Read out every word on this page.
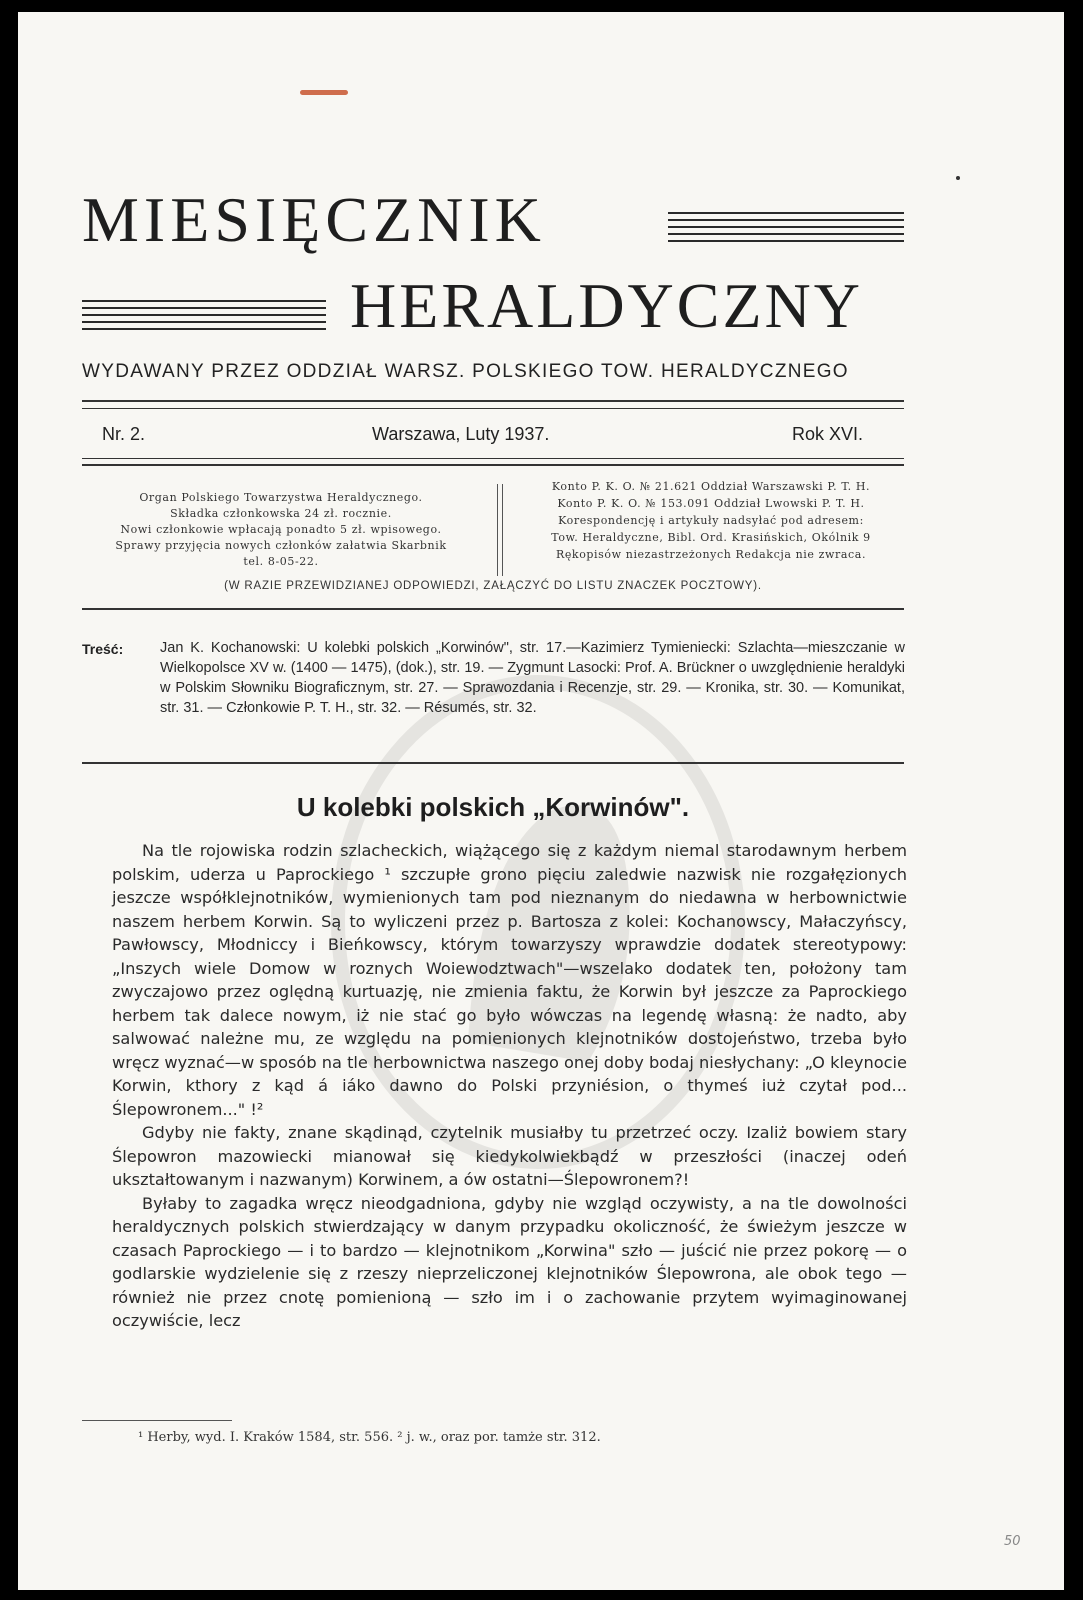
MIESIĘCZNIK
HERALDYCZNY
WYDAWANY PRZEZ ODDZIAŁ WARSZ. POLSKIEGO TOW. HERALDYCZNEGO
Nr. 2.	Warszawa, Luty 1937.	Rok XVI.
Organ Polskiego Towarzystwa Heraldycznego.
Składka członkowska 24 zł. rocznie.
Nowi członkowie wpłacają ponadto 5 zł. wpisowego.
Sprawy przyjęcia nowych członków załatwia Skarbnik
tel. 8-05-22.
Konto P. K. O. № 21.621 Oddział Warszawski P. T. H.
Konto P. K. O. № 153.091 Oddział Lwowski P. T. H.
Korespondencję i artykuły nadsyłać pod adresem:
Tow. Heraldyczne, Bibl. Ord. Krasińskich, Okólnik 9
Rękopisów niezastrzeżonych Redakcja nie zwraca.
(W RAZIE PRZEWIDZIANEJ ODPOWIEDZI, ZAŁĄCZYĆ DO LISTU ZNACZEK POCZTOWY).
Treść:	Jan K. Kochanowski: U kolebki polskich „Korwinów", str. 17.—Kazimierz Tymieniecki: Szlachta—mieszczanie w Wielkopolsce XV w. (1400 — 1475), (dok.), str. 19. — Zygmunt Lasocki: Prof. A. Brückner o uwzględnienie heraldyki w Polskim Słowniku Biograficznym, str. 27. — Sprawozdania i Recenzje, str. 29. — Kronika, str. 30. — Komunikat, str. 31. — Członkowie P. T. H., str. 32. — Résumés, str. 32.
U kolebki polskich „Korwinów".

Na tle rojowiska rodzin szlacheckich, wiążącego się z każdym niemal starodawnym herbem polskim, uderza u Paprockiego ¹ szczupłe grono pięciu zaledwie nazwisk nie rozgałęzionych jeszcze współklejnotników, wymienionych tam pod nieznanym do niedawna w herbownictwie naszem herbem Korwin. Są to wyliczeni przez p. Bartosza z kolei: Kochanowscy, Małaczyńscy, Pawłowscy, Młodniccy i Bieńkowscy, którym towarzyszy wprawdzie dodatek stereotypowy: „Inszych wiele Domow w roznych Woiewodztwach"—wszelako dodatek ten, położony tam zwyczajowo przez oględną kurtuazję, nie zmienia faktu, że Korwin był jeszcze za Paprockiego herbem tak dalece nowym, iż nie stać go było wówczas na legendę własną: że nadto, aby salwować należne mu, ze względu na pomienionych klejnotników dostojeństwo, trzeba było wręcz wyznać—w sposób na tle herbownictwa naszego onej doby bodaj niesłychany: „O kleynocie Korwin, kthory z kąd á iáko dawno do Polski przyniésion, o thymeś iuż czytał pod... Ślepowronem..." !²

Gdyby nie fakty, znane skądinąd, czytelnik musiałby tu przetrzeć oczy. Izaliż bowiem stary Ślepowron mazowiecki mianował się kiedykolwiekbądź w przeszłości (inaczej odeń ukształtowanym i nazwanym) Korwinem, a ów ostatni—Ślepowronem?!

Byłaby to zagadka wręcz nieodgadniona, gdyby nie wzgląd oczywisty, a na tle dowolności heraldycznych polskich stwierdzający w danym przypadku okoliczność, że świeżym jeszcze w czasach Paprockiego — i to bardzo — klejnotnikom „Korwina" szło — juścić nie przez pokorę — o godlarskie wydzielenie się z rzeszy nieprzeliczonej klejnotników Ślepowrona, ale obok tego — również nie przez cnotę pomienioną — szło im i o zachowanie przytem wyimaginowanej oczywiście, lecz

¹ Herby, wyd. I. Kraków 1584, str. 556. ² j. w., oraz por. tamże str. 312.
50
